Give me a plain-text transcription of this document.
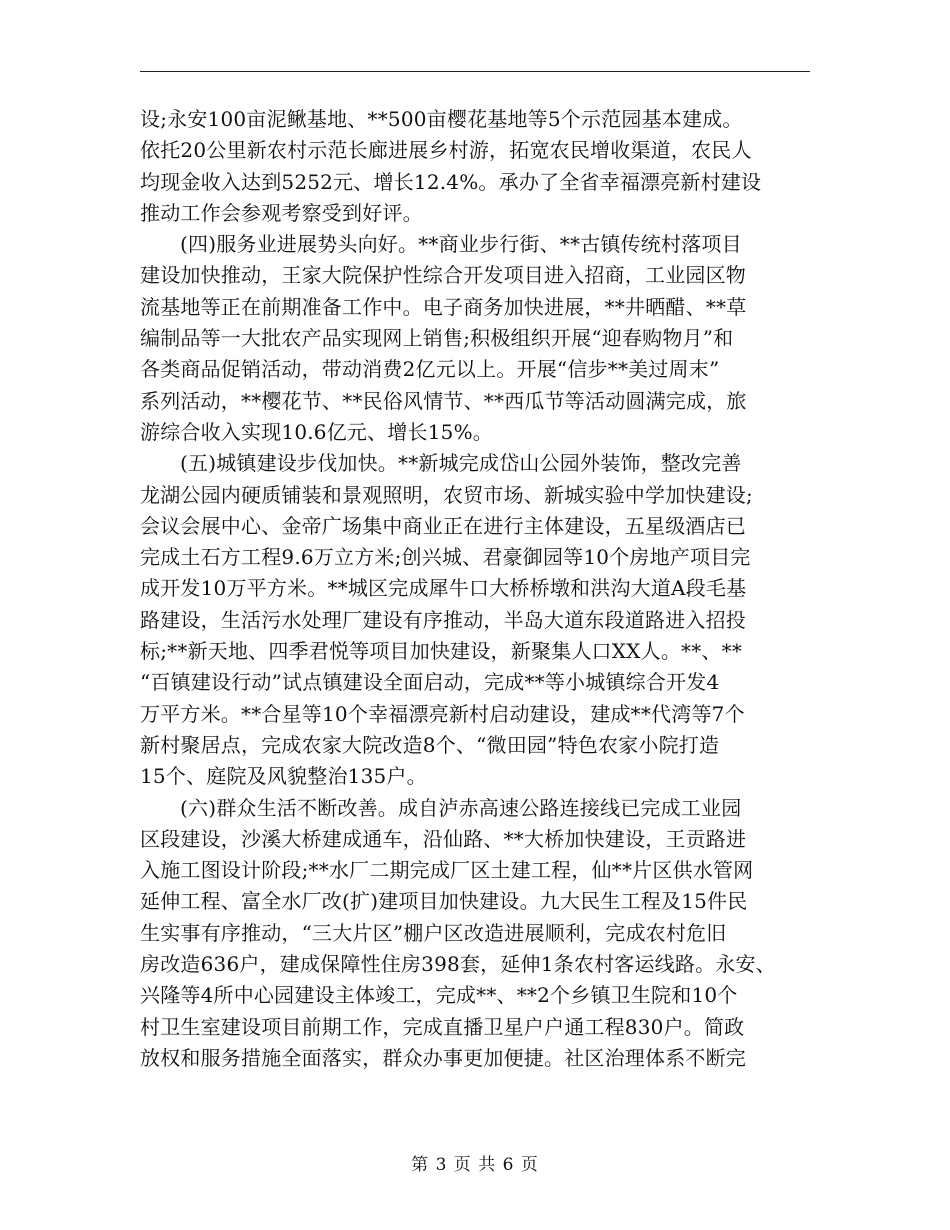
设;永安100亩泥鳅基地、**500亩樱花基地等5个示范园基本建成。
依托20公里新农村示范长廊进展乡村游，拓宽农民增收渠道，农民人
均现金收入达到5252元、增长12.4%。承办了全省幸福漂亮新村建设
推动工作会参观考察受到好评。
(四)服务业进展势头向好。**商业步行街、**古镇传统村落项目
建设加快推动，王家大院保护性综合开发项目进入招商，工业园区物
流基地等正在前期准备工作中。电子商务加快进展，**井晒醋、**草
编制品等一大批农产品实现网上销售;积极组织开展“迎春购物月”和
各类商品促销活动，带动消费2亿元以上。开展“信步**美过周末”
系列活动，**樱花节、**民俗风情节、**西瓜节等活动圆满完成，旅
游综合收入实现10.6亿元、增长15%。
(五)城镇建设步伐加快。**新城完成岱山公园外装饰，整改完善
龙湖公园内硬质铺装和景观照明，农贸市场、新城实验中学加快建设;
会议会展中心、金帝广场集中商业正在进行主体建设，五星级酒店已
完成土石方工程9.6万立方米;创兴城、君豪御园等10个房地产项目完
成开发10万平方米。**城区完成犀牛口大桥桥墩和洪沟大道A段毛基
路建设，生活污水处理厂建设有序推动，半岛大道东段道路进入招投
标;**新天地、四季君悦等项目加快建设，新聚集人口XX人。**、**
“百镇建设行动”试点镇建设全面启动，完成**等小城镇综合开发4
万平方米。**合星等10个幸福漂亮新村启动建设，建成**代湾等7个
新村聚居点，完成农家大院改造8个、“微田园”特色农家小院打造
15个、庭院及风貌整治135户。
(六)群众生活不断改善。成自泸赤高速公路连接线已完成工业园
区段建设，沙溪大桥建成通车，沿仙路、**大桥加快建设，王贡路进
入施工图设计阶段;**水厂二期完成厂区土建工程，仙**片区供水管网
延伸工程、富全水厂改(扩)建项目加快建设。九大民生工程及15件民
生实事有序推动，“三大片区”棚户区改造进展顺利，完成农村危旧
房改造636户，建成保障性住房398套，延伸1条农村客运线路。永安、
兴隆等4所中心园建设主体竣工，完成**、**2个乡镇卫生院和10个
村卫生室建设项目前期工作，完成直播卫星户户通工程830户。简政
放权和服务措施全面落实，群众办事更加便捷。社区治理体系不断完
第 3 页 共 6 页
